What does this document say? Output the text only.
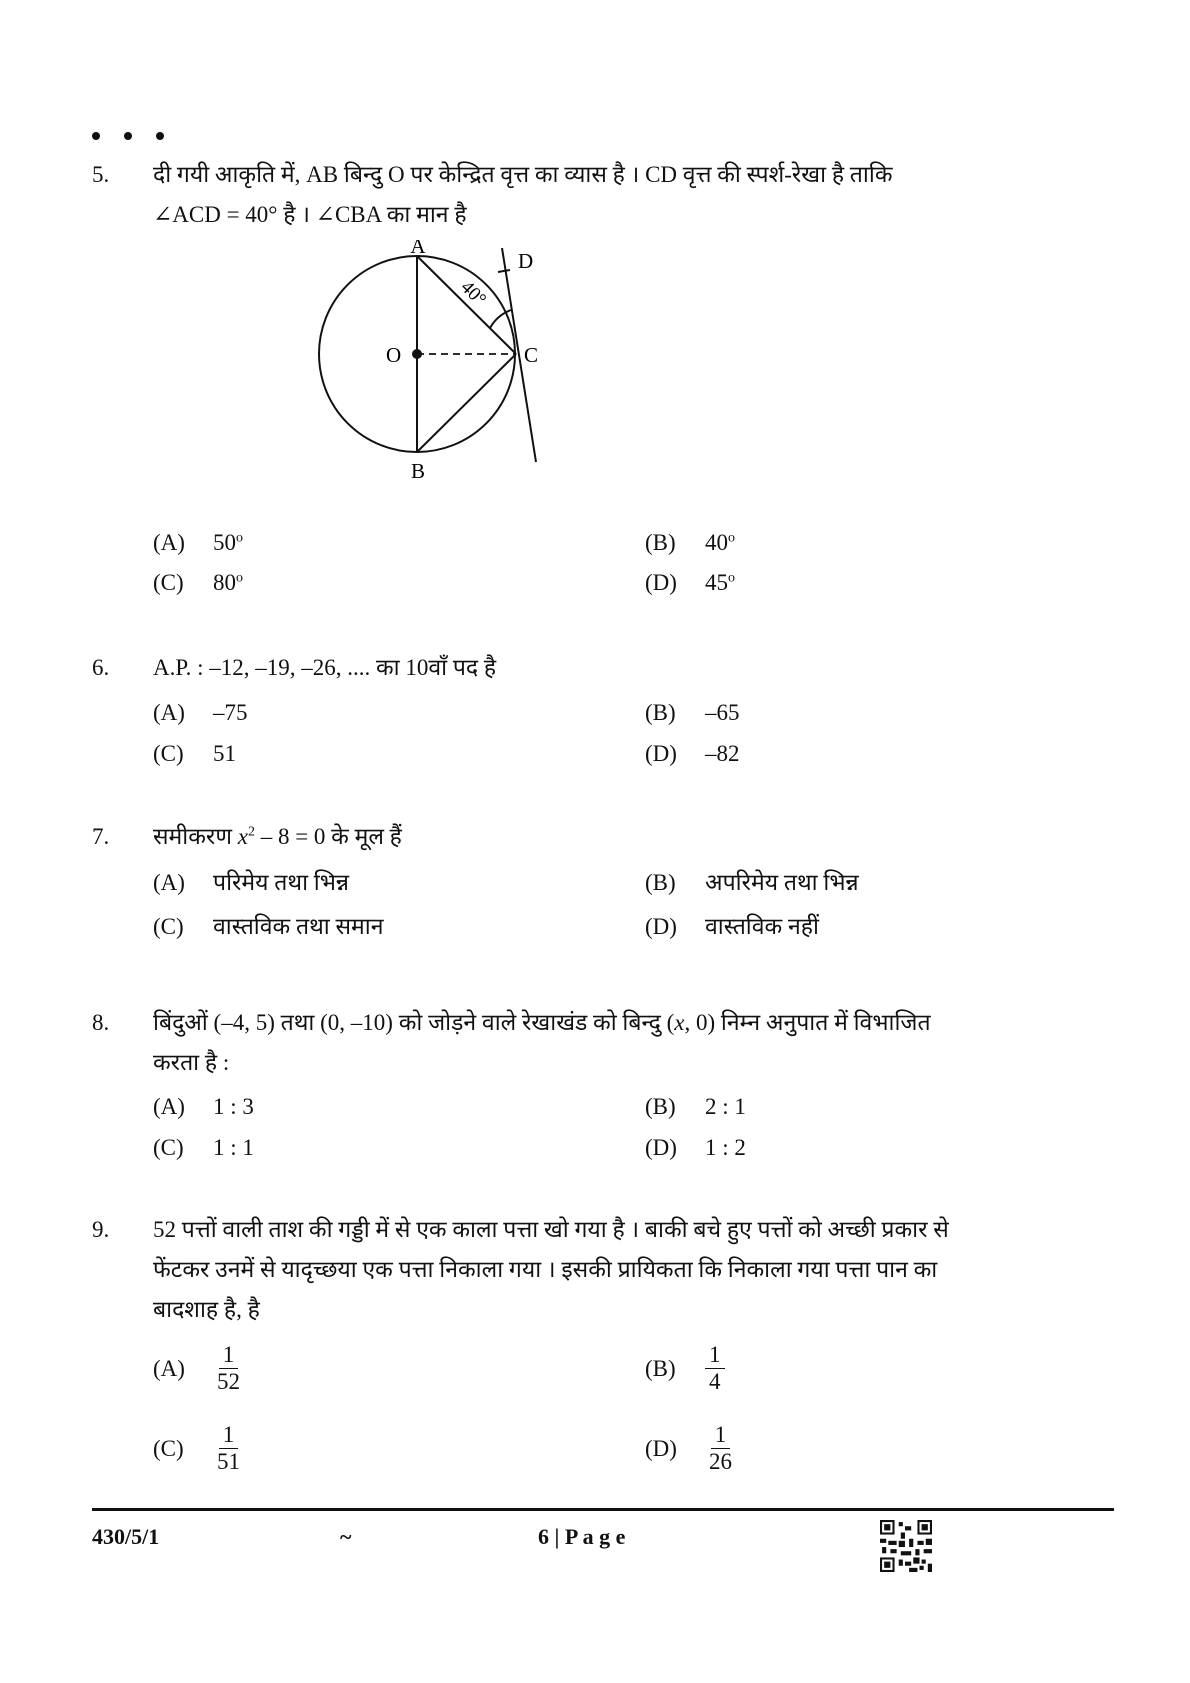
5.	दी गयी आकृति में, AB बिन्दु O पर केन्द्रित वृत्त का व्यास है । CD वृत्त की स्पर्श-रेखा है ताकि
∠ACD = 40° है । ∠CBA का मान है
A
B
C
D
O
40°
(A)	50$^o$	(B)	40$^o$
(C)	80$^o$	(D)	45$^o$
6.	A.P. : –12, –19, –26, .... का 10वाँ पद है
(A)	–75	(B)	–65
(C)	51	(D)	–82
7.	समीकरण $x^2 - 8 = 0$ के मूल हैं
(A)	परिमेय तथा भिन्न	(B)	अपरिमेय तथा भिन्न
(C)	वास्तविक तथा समान	(D)	वास्तविक नहीं
8.	बिंदुओं (–4, 5) तथा (0, –10) को जोड़ने वाले रेखाखंड को बिन्दु (x, 0) निम्न अनुपात में विभाजित
करता है :
(A)	1 : 3	(B)	2 : 1
(C)	1 : 1	(D)	1 : 2
9.	52 पत्तों वाली ताश की गड्डी में से एक काला पत्ता खो गया है । बाकी बचे हुए पत्तों को अच्छी प्रकार से
फेंटकर उनमें से यादृच्छया एक पत्ता निकाला गया । इसकी प्रायिकता कि निकाला गया पत्ता पान का
बादशाह है, है
(A)	$\frac{1}{52}$	(B)	$\frac{1}{4}$
(C)	$\frac{1}{51}$	(D)	$\frac{1}{26}$
430/5/1	~	6 | P a g e
